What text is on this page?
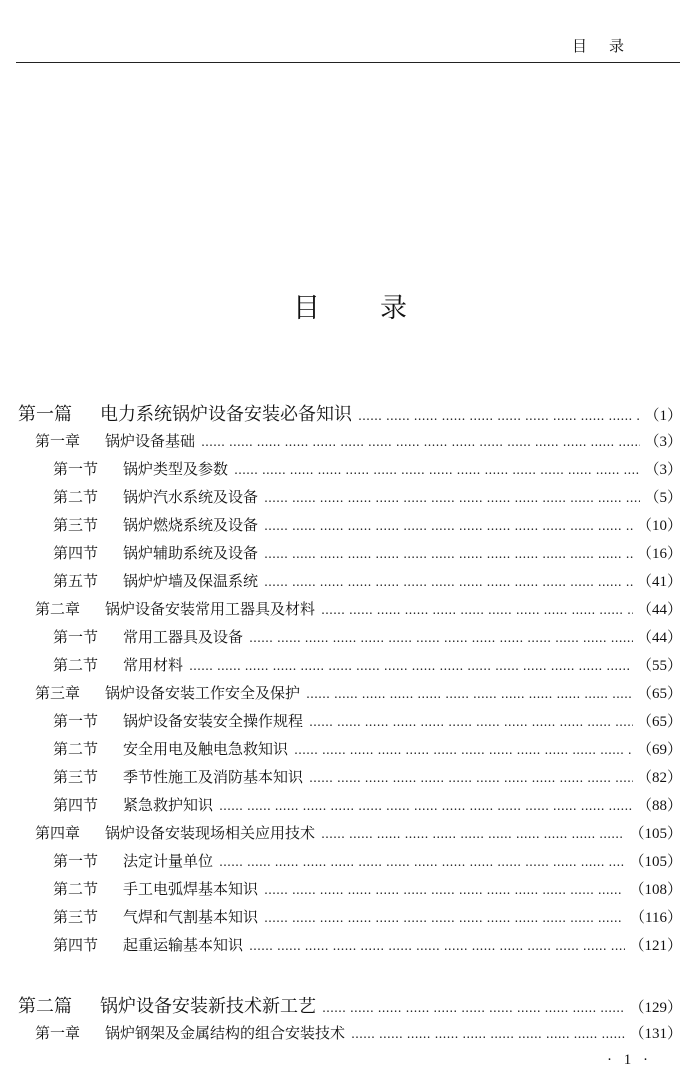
目录
目录
第一篇 电力系统锅炉设备安装必备知识 …… …… …… …… …… …… …… …… …… …… …… …… …… …… …… …… …… …… …… …… …… …… …… …… …… …… …… …… …… …… …… …… …… …… …… ……	（1）
第一章	锅炉设备基础 …… …… …… …… …… …… …… …… …… …… …… …… …… …… …… …… …… …… …… …… …… …… …… …… …… …… …… …… …… …… …… …… …… …… …… ……	（3）
第一节	锅炉类型及参数 …… …… …… …… …… …… …… …… …… …… …… …… …… …… …… …… …… …… …… …… …… …… …… …… …… …… …… …… …… …… …… …… …… …… …… ……	（3）
第二节	锅炉汽水系统及设备 …… …… …… …… …… …… …… …… …… …… …… …… …… …… …… …… …… …… …… …… …… …… …… …… …… …… …… …… …… …… …… …… …… …… …… ……	（5）
第三节	锅炉燃烧系统及设备 …… …… …… …… …… …… …… …… …… …… …… …… …… …… …… …… …… …… …… …… …… …… …… …… …… …… …… …… …… …… …… …… …… …… …… ……	（10）
第四节	锅炉辅助系统及设备 …… …… …… …… …… …… …… …… …… …… …… …… …… …… …… …… …… …… …… …… …… …… …… …… …… …… …… …… …… …… …… …… …… …… …… ……	（16）
第五节	锅炉炉墙及保温系统 …… …… …… …… …… …… …… …… …… …… …… …… …… …… …… …… …… …… …… …… …… …… …… …… …… …… …… …… …… …… …… …… …… …… …… ……	（41）
第二章	锅炉设备安装常用工器具及材料 …… …… …… …… …… …… …… …… …… …… …… …… …… …… …… …… …… …… …… …… …… …… …… …… …… …… …… …… …… …… …… …… …… …… …… ……	（44）
第一节	常用工器具及设备 …… …… …… …… …… …… …… …… …… …… …… …… …… …… …… …… …… …… …… …… …… …… …… …… …… …… …… …… …… …… …… …… …… …… …… ……	（44）
第二节	常用材料 …… …… …… …… …… …… …… …… …… …… …… …… …… …… …… …… …… …… …… …… …… …… …… …… …… …… …… …… …… …… …… …… …… …… …… ……	（55）
第三章	锅炉设备安装工作安全及保护 …… …… …… …… …… …… …… …… …… …… …… …… …… …… …… …… …… …… …… …… …… …… …… …… …… …… …… …… …… …… …… …… …… …… …… ……	（65）
第一节	锅炉设备安装安全操作规程 …… …… …… …… …… …… …… …… …… …… …… …… …… …… …… …… …… …… …… …… …… …… …… …… …… …… …… …… …… …… …… …… …… …… …… ……	（65）
第二节	安全用电及触电急救知识 …… …… …… …… …… …… …… …… …… …… …… …… …… …… …… …… …… …… …… …… …… …… …… …… …… …… …… …… …… …… …… …… …… …… …… ……	（69）
第三节	季节性施工及消防基本知识 …… …… …… …… …… …… …… …… …… …… …… …… …… …… …… …… …… …… …… …… …… …… …… …… …… …… …… …… …… …… …… …… …… …… …… ……	（82）
第四节	紧急救护知识 …… …… …… …… …… …… …… …… …… …… …… …… …… …… …… …… …… …… …… …… …… …… …… …… …… …… …… …… …… …… …… …… …… …… …… ……	（88）
第四章	锅炉设备安装现场相关应用技术 …… …… …… …… …… …… …… …… …… …… …… …… …… …… …… …… …… …… …… …… …… …… …… …… …… …… …… …… …… …… …… …… …… …… …… ……	（105）
第一节	法定计量单位 …… …… …… …… …… …… …… …… …… …… …… …… …… …… …… …… …… …… …… …… …… …… …… …… …… …… …… …… …… …… …… …… …… …… …… ……	（105）
第二节	手工电弧焊基本知识 …… …… …… …… …… …… …… …… …… …… …… …… …… …… …… …… …… …… …… …… …… …… …… …… …… …… …… …… …… …… …… …… …… …… …… ……	（108）
第三节	气焊和气割基本知识 …… …… …… …… …… …… …… …… …… …… …… …… …… …… …… …… …… …… …… …… …… …… …… …… …… …… …… …… …… …… …… …… …… …… …… ……	（116）
第四节	起重运输基本知识 …… …… …… …… …… …… …… …… …… …… …… …… …… …… …… …… …… …… …… …… …… …… …… …… …… …… …… …… …… …… …… …… …… …… …… ……	（121）
第二篇 锅炉设备安装新技术新工艺 …… …… …… …… …… …… …… …… …… …… …… …… …… …… …… …… …… …… …… …… …… …… …… …… …… …… …… …… …… …… …… …… …… …… …… ……	（129）
第一章	锅炉钢架及金属结构的组合安装技术 …… …… …… …… …… …… …… …… …… …… …… …… …… …… …… …… …… …… …… …… …… …… …… …… …… …… …… …… …… …… …… …… …… …… …… ……	（131）
· 1 ·
